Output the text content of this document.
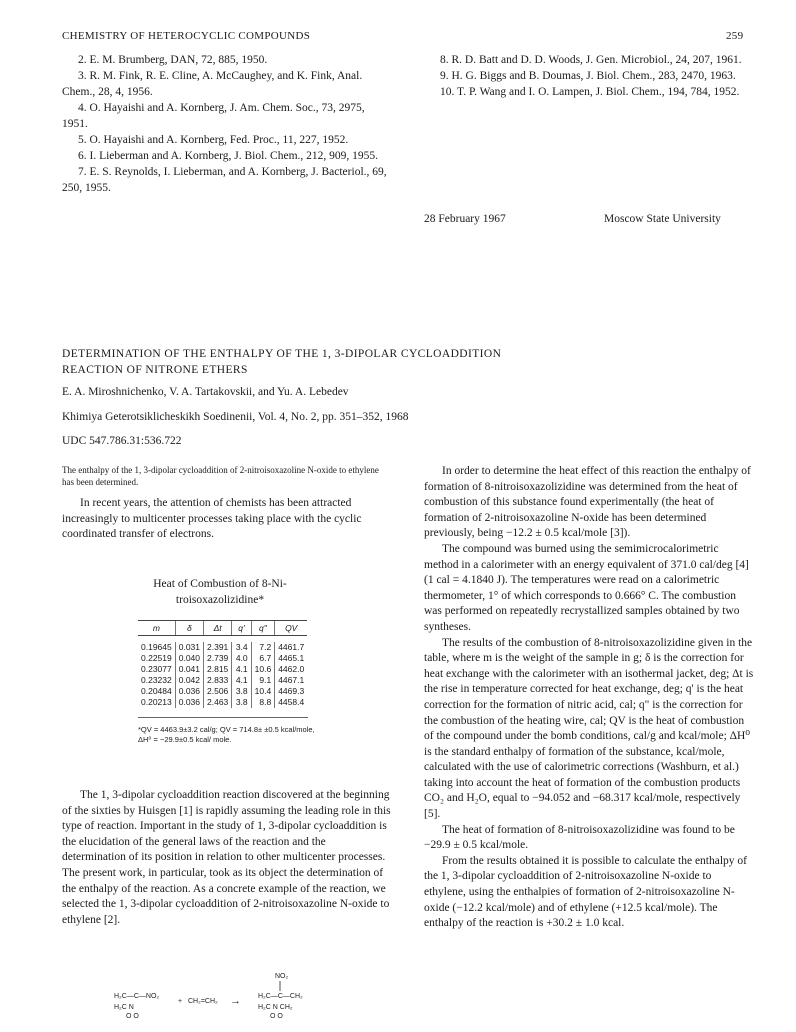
CHEMISTRY OF HETEROCYCLIC COMPOUNDS	259

2. E. M. Brumberg, DAN, 72, 885, 1950.

3. R. M. Fink, R. E. Cline, A. McCaughey, and K. Fink, Anal. Chem., 28, 4, 1956.

4. O. Hayaishi and A. Kornberg, J. Am. Chem. Soc., 73, 2975, 1951.

5. O. Hayaishi and A. Kornberg, Fed. Proc., 11, 227, 1952.

6. I. Lieberman and A. Kornberg, J. Biol. Chem., 212, 909, 1955.

7. E. S. Reynolds, I. Lieberman, and A. Kornberg, J. Bacteriol., 69, 250, 1955.

8. R. D. Batt and D. D. Woods, J. Gen. Microbiol., 24, 207, 1961.

9. H. G. Biggs and B. Doumas, J. Biol. Chem., 283, 2470, 1963.

10. T. P. Wang and I. O. Lampen, J. Biol. Chem., 194, 784, 1952.

28 February 1967	Moscow State University
DETERMINATION OF THE ENTHALPY OF THE 1, 3-DIPOLAR CYCLOADDITION
REACTION OF NITRONE ETHERS
E. A. Miroshnichenko, V. A. Tartakovskii, and Yu. A. Lebedev
Khimiya Geterotsiklicheskikh Soedinenii, Vol. 4, No. 2, pp. 351–352, 1968
UDC 547.786.31:536.722
The enthalpy of the 1, 3-dipolar cycloaddition of 2-nitroisoxazoline N-oxide to ethylene has been determined.

In recent years, the attention of chemists has been attracted increasingly to multicenter processes taking place with the cyclic coordinated transfer of electrons.

Heat of Combustion of 8-Ni-
troisoxazolizidine*
m	δ	Δt	q'	q"	QV

0.19645	0.031	2.391	3.4	7.2	4461.7
0.22519	0.040	2.739	4.0	6.7	4465.1
0.23077	0.041	2.815	4.1	10.6	4462.0
0.23232	0.042	2.833	4.1	9.1	4467.1
0.20484	0.036	2.506	3.8	10.4	4469.3
0.20213	0.036	2.463	3.8	8.8	4458.4
*QV = 4463.9±3.2 cal/g; QV = 714.8± ±0.5 kcal/mole, ΔH⁰ = −29.9±0.5 kcal/ mole.

The 1, 3-dipolar cycloaddition reaction discovered at the beginning of the sixties by Huisgen [1] is rapidly assuming the leading role in this type of reaction. Important in the study of 1, 3-dipolar cycloaddition is the elucidation of the general laws of the reaction and the determination of its position in relation to other multicenter processes. The present work, in particular, took as its object the determination of the enthalpy of the reaction. As a concrete example of the reaction, we selected the 1, 3-dipolar cycloaddition of 2-nitroisoxazoline N-oxide to ethylene [2].

H₂C—C—NO₂
H₂C N
O O
+ CH₂=CH₂ →
NO₂
H₂C—C—CH₂
H₂C N CH₂
O O

In order to determine the heat effect of this reaction the enthalpy of formation of 8-nitroisoxazolizidine was determined from the heat of combustion of this substance found experimentally (the heat of formation of 2-nitroisoxazoline N-oxide has been determined previously, being −12.2 ± 0.5 kcal/mole [3]).

The compound was burned using the semimicrocalorimetric method in a calorimeter with an energy equivalent of 371.0 cal/deg [4] (1 cal = 4.1840 J). The temperatures were read on a calorimetric thermometer, 1° of which corresponds to 0.666° C. The combustion was performed on repeatedly recrystallized samples obtained by two syntheses.

The results of the combustion of 8-nitroisoxazolizidine given in the table, where m is the weight of the sample in g; δ is the correction for heat exchange with the calorimeter with an isothermal jacket, deg; Δt is the rise in temperature corrected for heat exchange, deg; q' is the heat correction for the formation of nitric acid, cal; q" is the correction for the combustion of the heating wire, cal; QV is the heat of combustion of the compound under the bomb conditions, cal/g and kcal/mole; ΔH⁰ is the standard enthalpy of formation of the substance, kcal/mole, calculated with the use of calorimetric corrections (Washburn, et al.) taking into account the heat of formation of the combustion products CO₂ and H₂O, equal to −94.052 and −68.317 kcal/mole, respectively [5].

The heat of formation of 8-nitroisoxazolizidine was found to be −29.9 ± 0.5 kcal/mole.

From the results obtained it is possible to calculate the enthalpy of the 1, 3-dipolar cycloaddition of 2-nitroisoxazoline N-oxide to ethylene, using the enthalpies of formation of 2-nitroisoxazoline N-oxide (−12.2 kcal/mole) and of ethylene (+12.5 kcal/mole). The enthalpy of the reaction is +30.2 ± 1.0 kcal.
